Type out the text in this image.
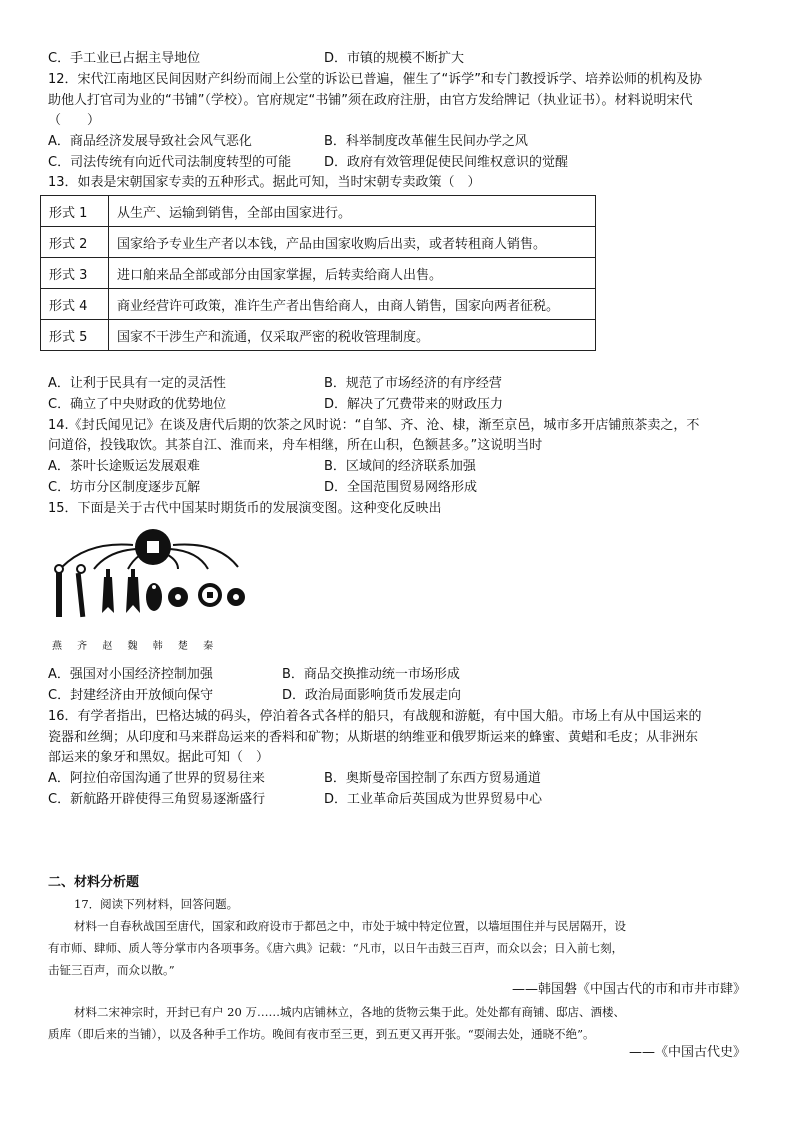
C．手工业已占据主导地位	D．市镇的规模不断扩大
12．宋代江南地区民间因财产纠纷而闹上公堂的诉讼已普遍，催生了“诉学”和专门教授诉学、培养讼师的机构及协
助他人打官司为业的“书铺”（学校）。官府规定“书铺”须在政府注册，由官方发给牌记（执业证书）。材料说明宋代
（　　）
A．商品经济发展导致社会风气恶化	B．科举制度改革催生民间办学之风
C．司法传统有向近代司法制度转型的可能	D．政府有效管理促使民间维权意识的觉醒
13．如表是宋朝国家专卖的五种形式。据此可知，当时宋朝专卖政策（　）
形式 1	从生产、运输到销售，全部由国家进行。
形式 2	国家给予专业生产者以本钱，产品由国家收购后出卖，或者转租商人销售。
形式 3	进口舶来品全部或部分由国家掌握，后转卖给商人出售。
形式 4	商业经营许可政策，准许生产者出售给商人，由商人销售，国家向两者征税。
形式 5	国家不干涉生产和流通，仅采取严密的税收管理制度。
A．让利于民具有一定的灵活性	B．规范了市场经济的有序经营
C．确立了中央财政的优势地位	D．解决了冗费带来的财政压力
14.《封氏闻见记》在谈及唐代后期的饮茶之风时说：“自邹、齐、沧、棣，渐至京邑，城市多开店铺煎茶卖之，不
问道俗，投钱取饮。其茶自江、淮而来，舟车相继，所在山积，色额甚多。”这说明当时
A．茶叶长途贩运发展艰难	B．区域间的经济联系加强
C．坊市分区制度逐步瓦解	D．全国范围贸易网络形成
15．下面是关于古代中国某时期货币的发展演变图。这种变化反映出
燕 齐 赵 魏 韩 楚 秦
A．强国对小国经济控制加强	B．商品交换推动统一市场形成
C．封建经济由开放倾向保守	D．政治局面影响货币发展走向
16．有学者指出，巴格达城的码头，停泊着各式各样的船只，有战舰和游艇，有中国大船。市场上有从中国运来的
瓷器和丝绸；从印度和马来群岛运来的香料和矿物；从斯堪的纳维亚和俄罗斯运来的蜂蜜、黄蜡和毛皮；从非洲东
部运来的象牙和黑奴。据此可知（　）
A．阿拉伯帝国沟通了世界的贸易往来	B．奥斯曼帝国控制了东西方贸易通道
C．新航路开辟使得三角贸易逐渐盛行	D．工业革命后英国成为世界贸易中心
二、材料分析题
17．阅读下列材料，回答问题。
材料一自春秋战国至唐代，国家和政府设市于都邑之中，市处于城中特定位置，以墙垣围住并与民居隔开，设
有市师、肆师、质人等分掌市内各项事务。《唐六典》记载：“凡市，以日午击鼓三百声，而众以会；日入前七刻，
击钲三百声，而众以散。”
——韩国磐《中国古代的市和市井市肆》
材料二宋神宗时，开封已有户 20 万……城内店铺林立，各地的货物云集于此。处处都有商铺、邸店、酒楼、
质库（即后来的当铺），以及各种手工作坊。晚间有夜市至三更，到五更又再开张。“耍闹去处，通晓不绝”。
——《中国古代史》
